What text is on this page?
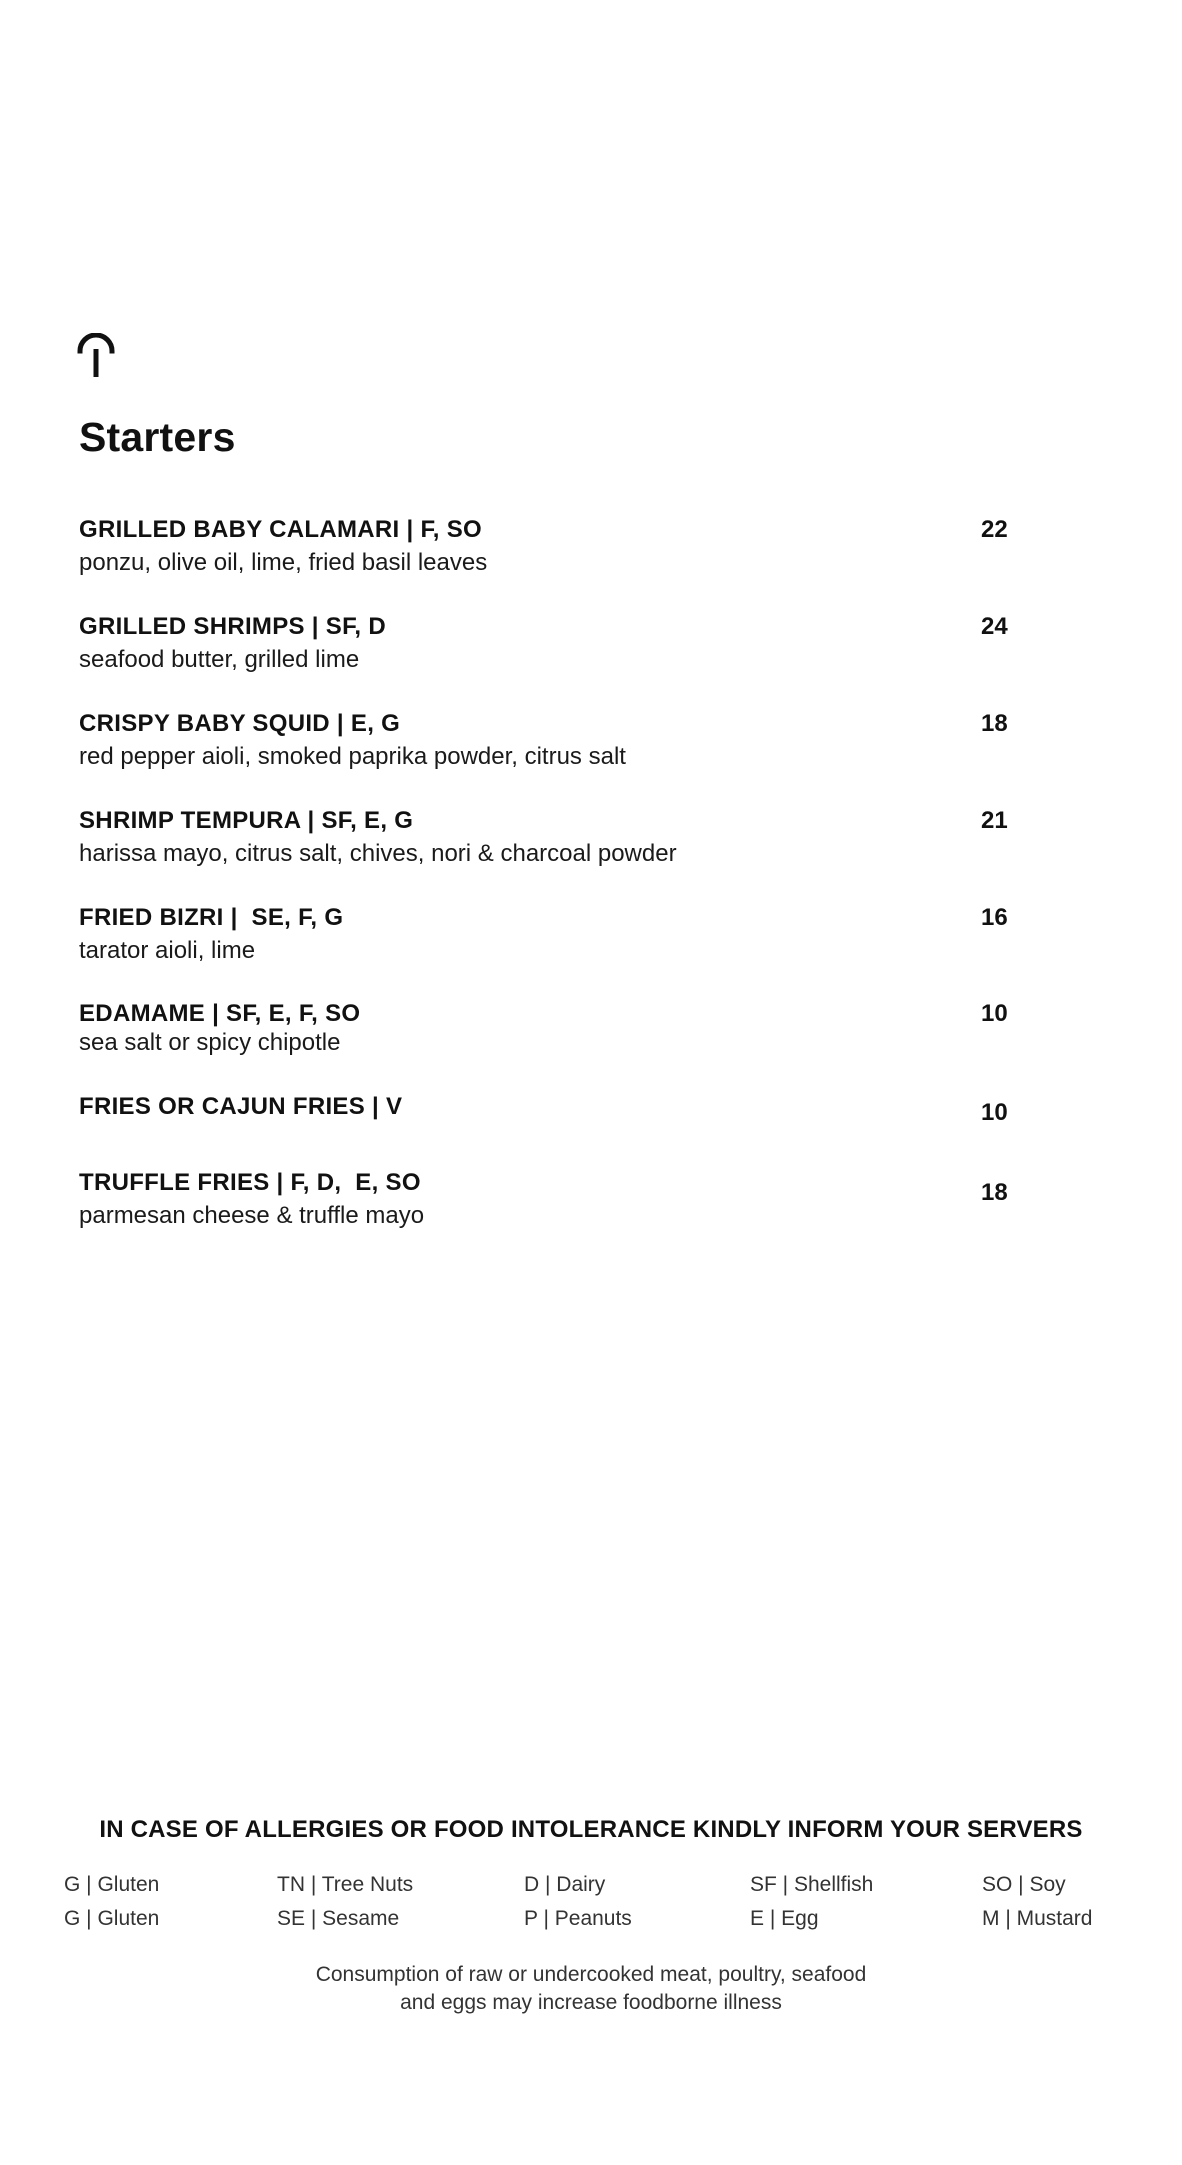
Starters
GRILLED BABY CALAMARI | F, SO
ponzu, olive oil, lime, fried basil leaves
22
GRILLED SHRIMPS | SF, D
seafood butter, grilled lime
24
CRISPY BABY SQUID | E, G
red pepper aioli, smoked paprika powder, citrus salt
18
SHRIMP TEMPURA | SF, E, G
harissa mayo, citrus salt, chives, nori & charcoal powder
21
FRIED BIZRI |  SE, F, G
tarator aioli, lime
16
EDAMAME | SF, E, F, SO
sea salt or spicy chipotle
10
FRIES OR CAJUN FRIES | V	10
TRUFFLE FRIES | F, D,  E, SO
parmesan cheese & truffle mayo
18
IN CASE OF ALLERGIES OR FOOD INTOLERANCE KINDLY INFORM YOUR SERVERS
G | Gluten	TN | Tree Nuts	D | Dairy	SF | Shellfish	SO | Soy
G | Gluten	SE | Sesame	P | Peanuts	E | Egg	M | Mustard
Consumption of raw or undercooked meat, poultry, seafood
and eggs may increase foodborne illness
